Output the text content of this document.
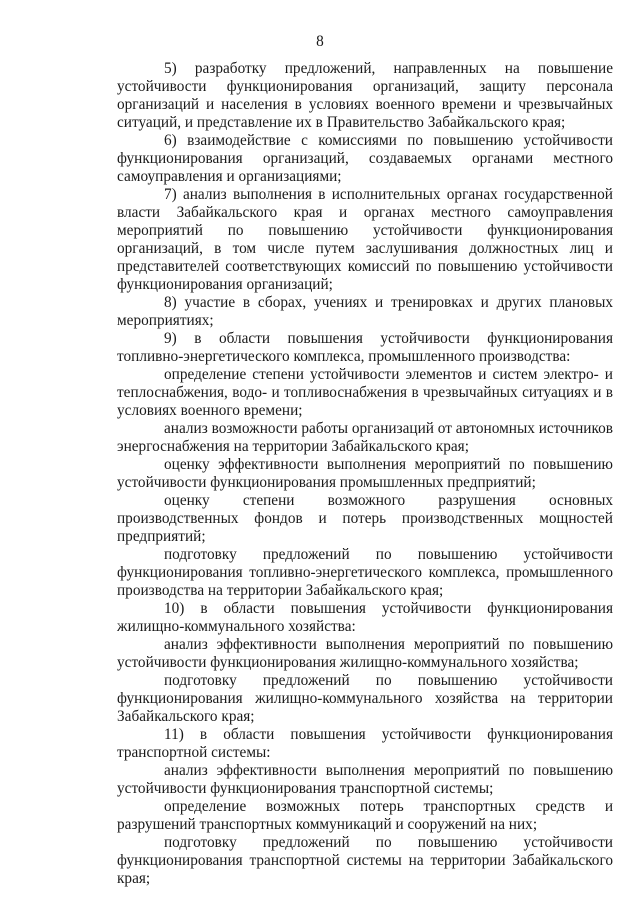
8

5) разработку предложений, направленных на повышение устойчивости функционирования организаций, защиту персонала организаций и населения в условиях военного времени и чрезвычайных ситуаций, и представление их в Правительство Забайкальского края;

6) взаимодействие с комиссиями по повышению устойчивости функционирования организаций, создаваемых органами местного самоуправления и организациями;

7) анализ выполнения в исполнительных органах государственной власти Забайкальского края и органах местного самоуправления мероприятий по повышению устойчивости функционирования организаций, в том числе путем заслушивания должностных лиц и представителей соответствующих комиссий по повышению устойчивости функционирования организаций;

8) участие в сборах, учениях и тренировках и других плановых мероприятиях;

9) в области повышения устойчивости функционирования топливно-энергетического комплекса, промышленного производства:

определение степени устойчивости элементов и систем электро- и теплоснабжения, водо- и топливоснабжения в чрезвычайных ситуациях и в условиях военного времени;

анализ возможности работы организаций от автономных источников энергоснабжения на территории Забайкальского края;

оценку эффективности выполнения мероприятий по повышению устойчивости функционирования промышленных предприятий;

оценку степени возможного разрушения основных производственных фондов и потерь производственных мощностей предприятий;

подготовку предложений по повышению устойчивости функционирования топливно-энергетического комплекса, промышленного производства на территории Забайкальского края;

10) в области повышения устойчивости функционирования жилищно-коммунального хозяйства:

анализ эффективности выполнения мероприятий по повышению устойчивости функционирования жилищно-коммунального хозяйства;

подготовку предложений по повышению устойчивости функционирования жилищно-коммунального хозяйства на территории Забайкальского края;

11) в области повышения устойчивости функционирования транспортной системы:

анализ эффективности выполнения мероприятий по повышению устойчивости функционирования транспортной системы;

определение возможных потерь транспортных средств и разрушений транспортных коммуникаций и сооружений на них;

подготовку предложений по повышению устойчивости функционирования транспортной системы на территории Забайкальского края;
